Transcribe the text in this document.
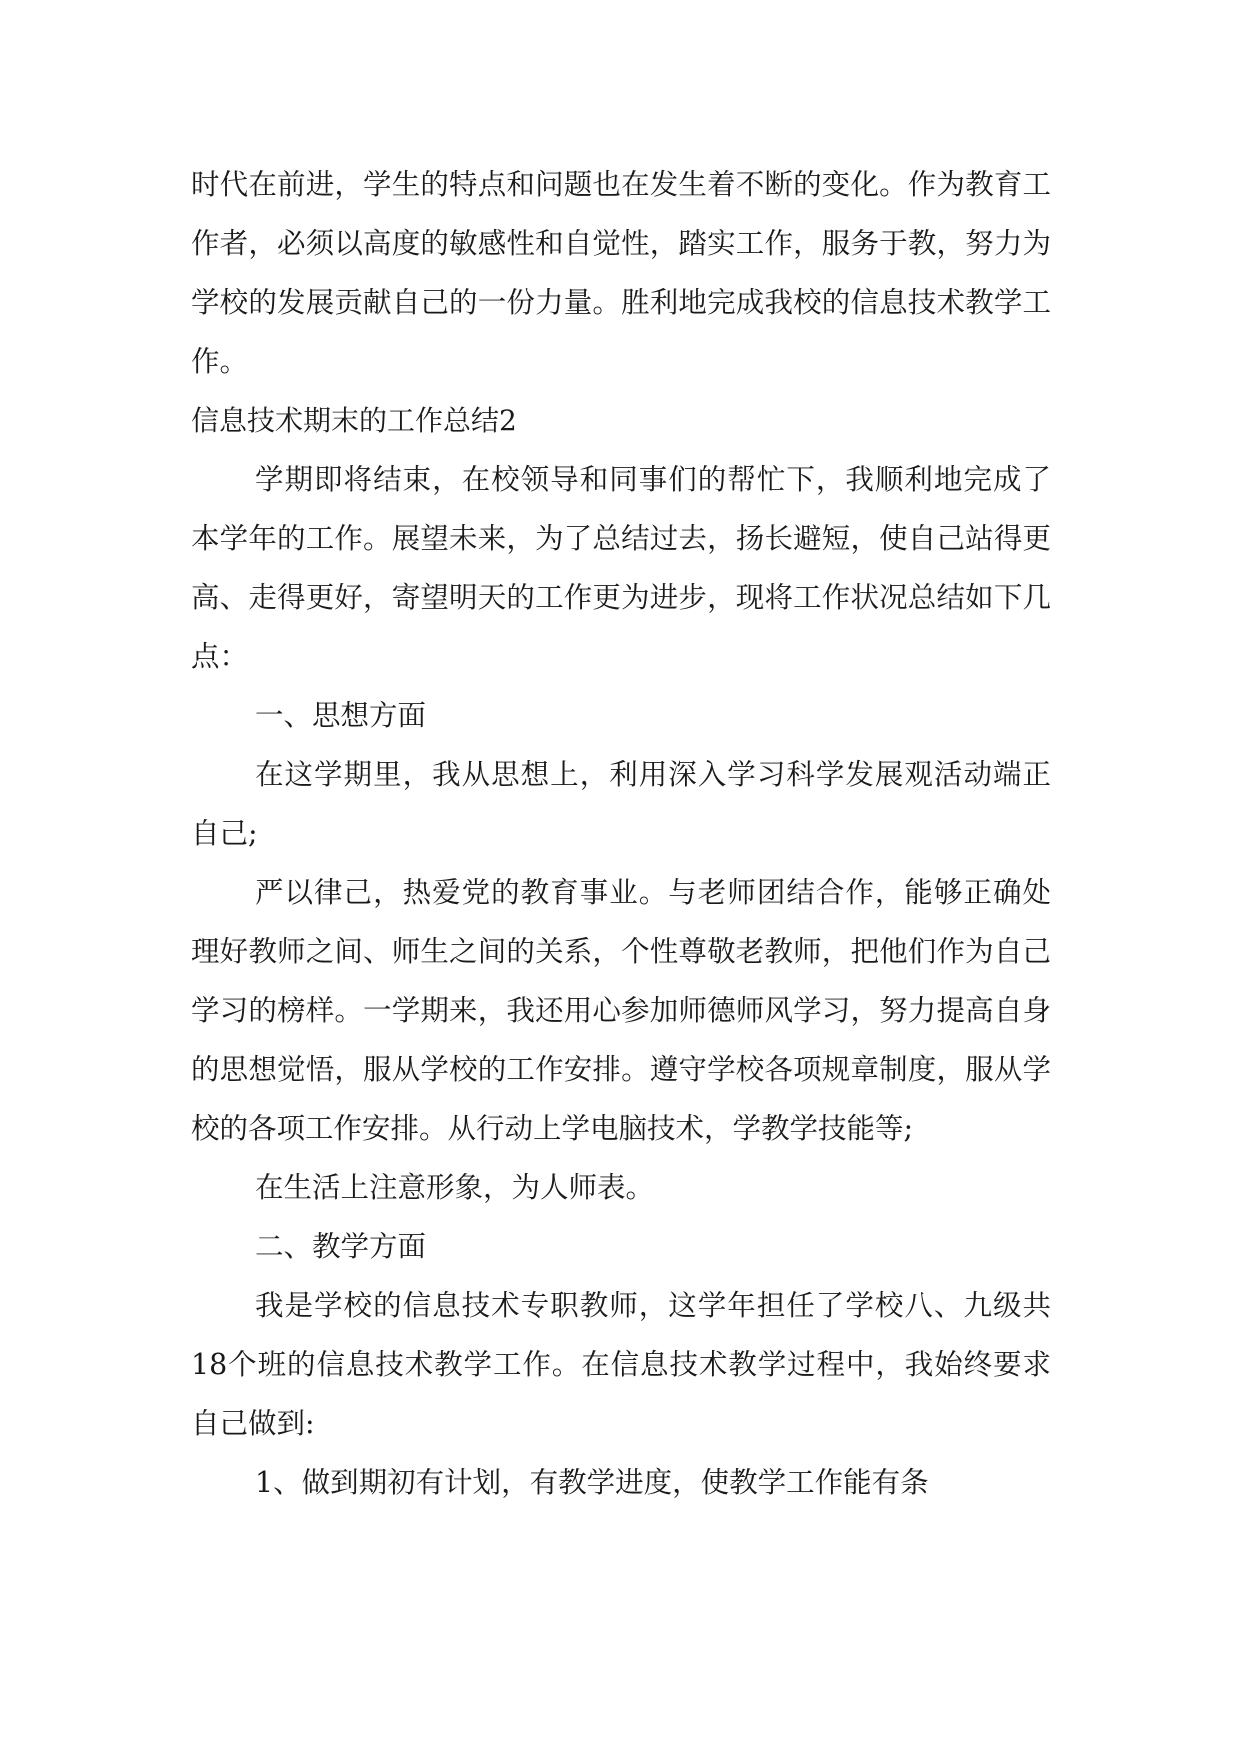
时代在前进，学生的特点和问题也在发生着不断的变化。作为教育工作者，必须以高度的敏感性和自觉性，踏实工作，服务于教，努力为学校的发展贡献自己的一份力量。胜利地完成我校的信息技术教学工作。

信息技术期末的工作总结2

学期即将结束，在校领导和同事们的帮忙下，我顺利地完成了本学年的工作。展望未来，为了总结过去，扬长避短，使自己站得更高、走得更好，寄望明天的工作更为进步，现将工作状况总结如下几点：

一、思想方面

在这学期里，我从思想上，利用深入学习科学发展观活动端正自己;

严以律己，热爱党的教育事业。与老师团结合作，能够正确处理好教师之间、师生之间的关系，个性尊敬老教师，把他们作为自己学习的榜样。一学期来，我还用心参加师德师风学习，努力提高自身的思想觉悟，服从学校的工作安排。遵守学校各项规章制度，服从学校的各项工作安排。从行动上学电脑技术，学教学技能等;

在生活上注意形象，为人师表。

二、教学方面

我是学校的信息技术专职教师，这学年担任了学校八、九级共18个班的信息技术教学工作。在信息技术教学过程中，我始终要求自己做到:

1、做到期初有计划，有教学进度，使教学工作能有条
